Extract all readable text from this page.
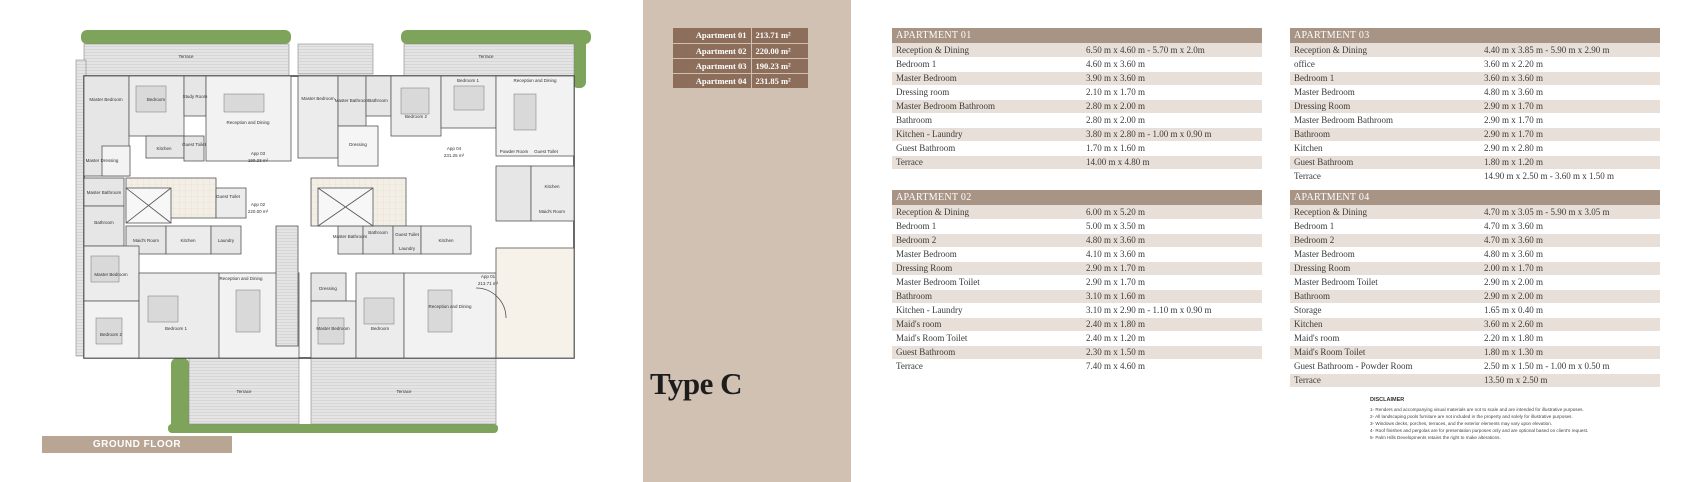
Terrace	Terrace
Terrace	Terrace
Master Bedroom	Bedroom
Study Room
Reception and Dining
Master Bedroom Master Bathroom
Bathroom
Bedroom 1	Reception and Dining
Bedroom 2
Dressing
Kitchen
Guest Toilet
App 03
190.23 m²
App 04
231.25 m²
Powder Room Guest Toilet
Kitchen
Maid's Room
Master Dressing
Master Bathroom
Guest Toilet
App 02
220.00 m²
Bathroom
Maid's Room	Kitchen	Laundry
Master Bathroom
Bathroom Guest Toilet
Laundry
Kitchen
App 01
213.71 m²
Master Bedroom
Reception and Dining
Bedroom 1
Bedroom 2
Dressing
Master Bedroom	Bedroom
Reception and Dining
GROUND FLOOR
Apartment 01	213.71 m²
Apartment 02	220.00 m²
Apartment 03	190.23 m²
Apartment 04	231.85 m²
Type C
APARTMENT 01	
Reception & Dining	6.50 m x 4.60 m - 5.70 m x 2.0m
Bedroom 1	4.60 m x 3.60 m
Master Bedroom	3.90 m x 3.60 m
Dressing room	2.10 m x 1.70 m
Master Bedroom Bathroom	2.80 m x 2.00 m
Bathroom	2.80 m x 2.00 m
Kitchen - Laundry	3.80 m x 2.80 m - 1.00 m x 0.90 m
Guest Bathroom	1.70 m x 1.60 m
Terrace	14.00 m x 4.80 m
APARTMENT 02	
Reception & Dining	6.00 m x 5.20 m
Bedroom 1	5.00 m x 3.50 m
Bedroom 2	4.80 m x 3.60 m
Master Bedroom	4.10 m x 3.60 m
Dressing Room	2.90 m x 1.70 m
Master Bedroom Toilet	2.90 m x 1.70 m
Bathroom	3.10 m x 1.60 m
Kitchen - Laundry	3.10 m x 2.90 m - 1.10 m x 0.90 m
Maid's room	2.40 m x 1.80 m
Maid's Room Toilet	2.40 m x 1.20 m
Guest Bathroom	2.30 m x 1.50 m
Terrace	7.40 m x 4.60 m
APARTMENT 03	
Reception & Dining	4.40 m x 3.85 m - 5.90 m x 2.90 m
office	3.60 m x 2.20 m
Bedroom 1	3.60 m x 3.60 m
Master Bedroom	4.80 m x 3.60 m
Dressing Room	2.90 m x 1.70 m
Master Bedroom Bathroom	2.90 m x 1.70 m
Bathroom	2.90 m x 1.70 m
Kitchen	2.90 m x 2.80 m
Guest Bathroom	1.80 m x 1.20 m
Terrace	14.90 m x 2.50 m - 3.60 m x 1.50 m
APARTMENT 04	
Reception & Dining	4.70 m x 3.05 m - 5.90 m x 3.05 m
Bedroom 1	4.70 m x 3.60 m
Bedroom 2	4.70 m x 3.60 m
Master Bedroom	4.80 m x 3.60 m
Dressing Room	2.00 m x 1.70 m
Master Bedroom Toilet	2.90 m x 2.00 m
Bathroom	2.90 m x 2.00 m
Storage	1.65 m x 0.40 m
Kitchen	3.60 m x 2.60 m
Maid's room	2.20 m x 1.80 m
Maid's Room Toilet	1.80 m x 1.30 m
Guest Bathroom - Powder Room	2.50 m x 1.50 m - 1.00 m x 0.50 m
Terrace	13.50 m x 2.50 m
DISCLAIMER
1- Renders and accompanying visual materials are not to scale and are intended for illustrative purposes.
2- All landscaping pools furniture are not included in the property and solely for illustrative purposes.
3- Windows decks, porches, terraces, and the exterior elements may vary upon elevation.
4- Roof finishes and pergolas are for presentation purposes only and are optional based on client's request.
5- Palm Hills Developments retains the right to make alterations.
